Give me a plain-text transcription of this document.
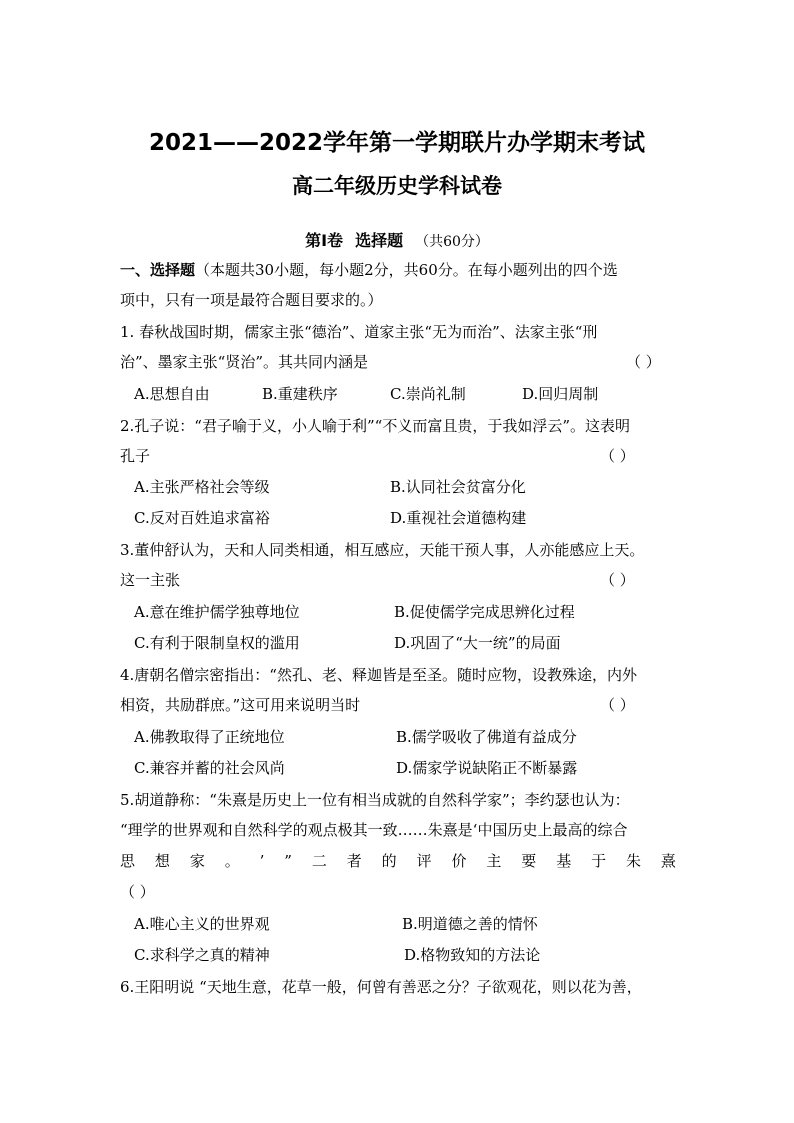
2021——2022学年第一学期联片办学期末考试
高二年级历史学科试卷
第Ⅰ卷 选择题 （共60分）
一、选择题（本题共30小题，每小题2分，共60分。在每小题列出的四个选
项中，只有一项是最符合题目要求的。）
1. 春秋战国时期，儒家主张“德治”、道家主张“无为而治”、法家主张“刑
治”、墨家主张“贤治”。其共同内涵是	（ ）
A.思想自由	B.重建秩序	C.崇尚礼制	D.回归周制
2.孔子说：“君子喻于义，小人喻于利”“不义而富且贵，于我如浮云”。这表明
孔子	（ ）
A.主张严格社会等级	B.认同社会贫富分化
C.反对百姓追求富裕	D.重视社会道德构建
3.董仲舒认为，天和人同类相通，相互感应，天能干预人事，人亦能感应上天。
这一主张	（ ）
A.意在维护儒学独尊地位	B.促使儒学完成思辨化过程
C.有利于限制皇权的滥用	D.巩固了“大一统”的局面
4.唐朝名僧宗密指出：“然孔、老、释迦皆是至圣。随时应物，设教殊途，内外
相资，共励群庶。”这可用来说明当时	（ ）
A.佛教取得了正统地位	B.儒学吸收了佛道有益成分
C.兼容并蓄的社会风尚	D.儒家学说缺陷正不断暴露
5.胡道静称：“朱熹是历史上一位有相当成就的自然科学家”；李约瑟也认为：
“理学的世界观和自然科学的观点极其一致……朱熹是‘中国历史上最高的综合
思 想 家 。 ’ ” 二 者 的 评 价 主 要 基 于 朱 熹
（ ）
A.唯心主义的世界观	B.明道德之善的情怀
C.求科学之真的精神	D.格物致知的方法论
6.王阳明说 “天地生意，花草一般，何曾有善恶之分？子欲观花，则以花为善，
